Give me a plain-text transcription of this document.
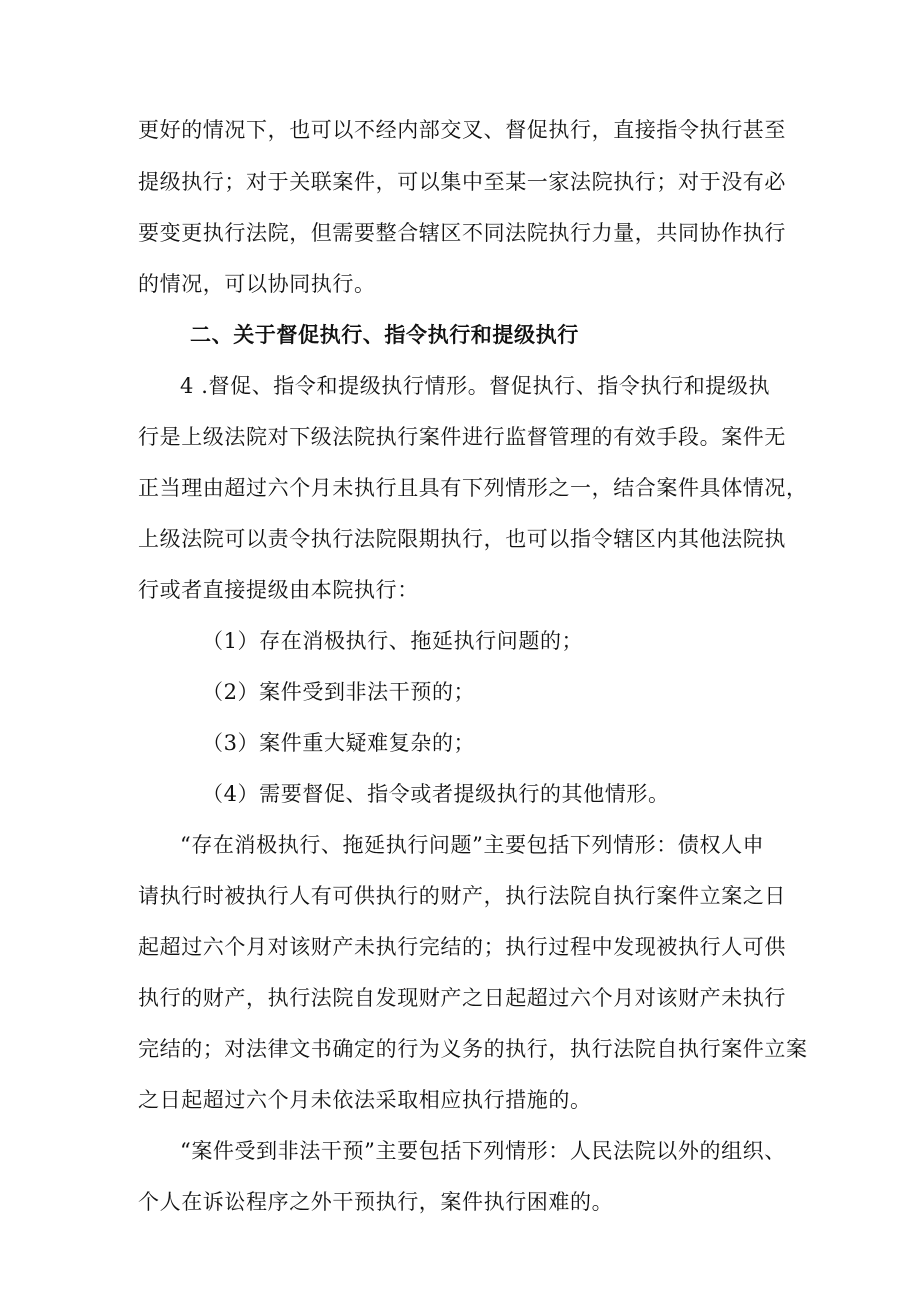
更好的情况下，也可以不经内部交叉、督促执行，直接指令执行甚至
提级执行；对于关联案件，可以集中至某一家法院执行；对于没有必
要变更执行法院，但需要整合辖区不同法院执行力量，共同协作执行
的情况，可以协同执行。
二、关于督促执行、指令执行和提级执行
4 .督促、指令和提级执行情形。督促执行、指令执行和提级执
行是上级法院对下级法院执行案件进行监督管理的有效手段。案件无
正当理由超过六个月未执行且具有下列情形之一，结合案件具体情况，
上级法院可以责令执行法院限期执行，也可以指令辖区内其他法院执
行或者直接提级由本院执行：
（1）存在消极执行、拖延执行问题的；
（2）案件受到非法干预的；
（3）案件重大疑难复杂的；
（4）需要督促、指令或者提级执行的其他情形。
“存在消极执行、拖延执行问题”主要包括下列情形：债权人申
请执行时被执行人有可供执行的财产，执行法院自执行案件立案之日
起超过六个月对该财产未执行完结的；执行过程中发现被执行人可供
执行的财产，执行法院自发现财产之日起超过六个月对该财产未执行
完结的；对法律文书确定的行为义务的执行，执行法院自执行案件立案
之日起超过六个月未依法采取相应执行措施的。
“案件受到非法干预”主要包括下列情形：人民法院以外的组织、
个人在诉讼程序之外干预执行，案件执行困难的。
